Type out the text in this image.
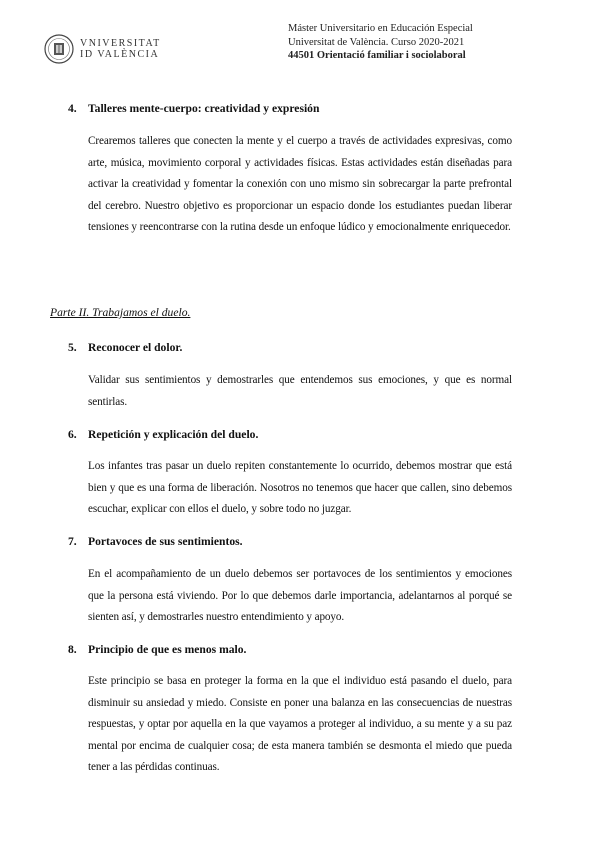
VNIVERSITAT
ID VALÈNCIA
Máster Universitario en Educación Especial
Universitat de València. Curso 2020-2021
44501 Orientació familiar i sociolaboral
4. Talleres mente-cuerpo: creatividad y expresión
Crearemos talleres que conecten la mente y el cuerpo a través de actividades expresivas, como arte, música, movimiento corporal y actividades físicas. Estas actividades están diseñadas para activar la creatividad y fomentar la conexión con uno mismo sin sobrecargar la parte prefrontal del cerebro. Nuestro objetivo es proporcionar un espacio donde los estudiantes puedan liberar tensiones y reencontrarse con la rutina desde un enfoque lúdico y emocionalmente enriquecedor.
Parte II. Trabajamos el duelo.
5. Reconocer el dolor.
Validar sus sentimientos y demostrarles que entendemos sus emociones, y que es normal sentirlas.
6. Repetición y explicación del duelo.
Los infantes tras pasar un duelo repiten constantemente lo ocurrido, debemos mostrar que está bien y que es una forma de liberación. Nosotros no tenemos que hacer que callen, sino debemos escuchar, explicar con ellos el duelo, y sobre todo no juzgar.
7. Portavoces de sus sentimientos.
En el acompañamiento de un duelo debemos ser portavoces de los sentimientos y emociones que la persona está viviendo. Por lo que debemos darle importancia, adelantarnos al porqué se sienten así, y demostrarles nuestro entendimiento y apoyo.
8. Principio de que es menos malo.
Este principio se basa en proteger la forma en la que el individuo está pasando el duelo, para disminuir su ansiedad y miedo. Consiste en poner una balanza en las consecuencias de nuestras respuestas, y optar por aquella en la que vayamos a proteger al individuo, a su mente y a su paz mental por encima de cualquier cosa; de esta manera también se desmonta el miedo que pueda tener a las pérdidas continuas.
